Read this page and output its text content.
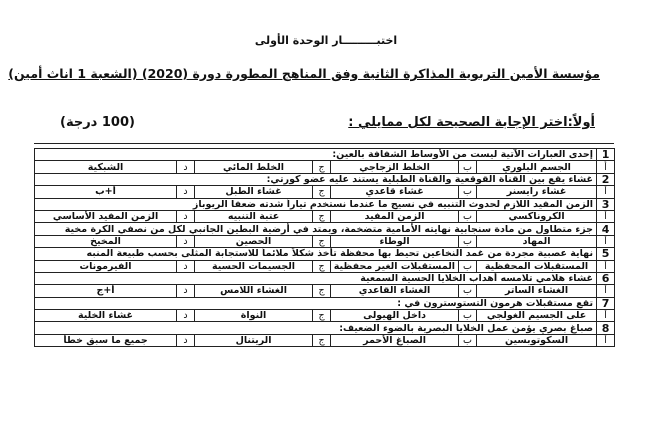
اختبـــــــــار الوحدة الأولى
مؤسسة الأمين التربوية المذاكرة الثانية وفق المناهج المطورة دورة (2020) (الشعبة 1 اناث أمين)
أولاً:اختر الإجابة الصحيحة لكل ممايلي :
(100 درجة)
1	إحدى العبارات الآتية ليست من الأوساط الشفافة بالعين:						
أ	الجسم البلوري	ب	الخلط الزجاجي	ج	الخلط المائي	د	الشبكية
2	غشاء يقع بين القناة القوقعية والقناة الطبلية يستند عليه عضو كورتي:						
أ	غشاء رايسنر	ب	غشاء قاعدي	ج	غشاء الطبل	د	أ+ب
3	الزمن المفيد اللازم لحدوث التنبيه في نسيج ما عندما نستخدم تياراً شدته ضعفا الريوباز						
أ	الكروناكسي	ب	الزمن المفيد	ج	عتبة التنبيه	د	الزمن المفيد الأساسي
4	جزء متطاول من مادة سنجابية نهايته الأمامية متضخمة، ويمتد في أرضية البطين الجانبي لكل من نصفي الكرة مخية						
أ	المهاد	ب	الوطاء	ج	الحصين	د	المخيخ
5	نهاية عصبية مجردة من غمد النخاعين تحيط بها محفظة تأخذ شكلاً ملائماً للاستجابة المثلى بحسب طبيعة المنبه						
أ	المستقبلات المحفظية	ب	المستقبلات الغير محفظية	ج	الجسيمات الحسية	د	الفيرمونات
6	غشاء هلامي تلامسه أهداب الخلايا الحسية السمعية						
أ	الغشاء الساتر	ب	الغشاء القاعدي	ج	الغشاء اللامس	د	أ+ج
7	تقع مستقبلات هرمون التستوسترون في :						
أ	على الجسيم الغولجي	ب	داخل الهيولى	ج	النواة	د	غشاء الخلية
8	صباغ بصري يؤمن عمل الخلايا البصرية بالضوء الضعيف:						
أ	السكوتوبسين	ب	الصباغ الأحمر	ج	الريتنال	د	جميع ما سبق خطأ
